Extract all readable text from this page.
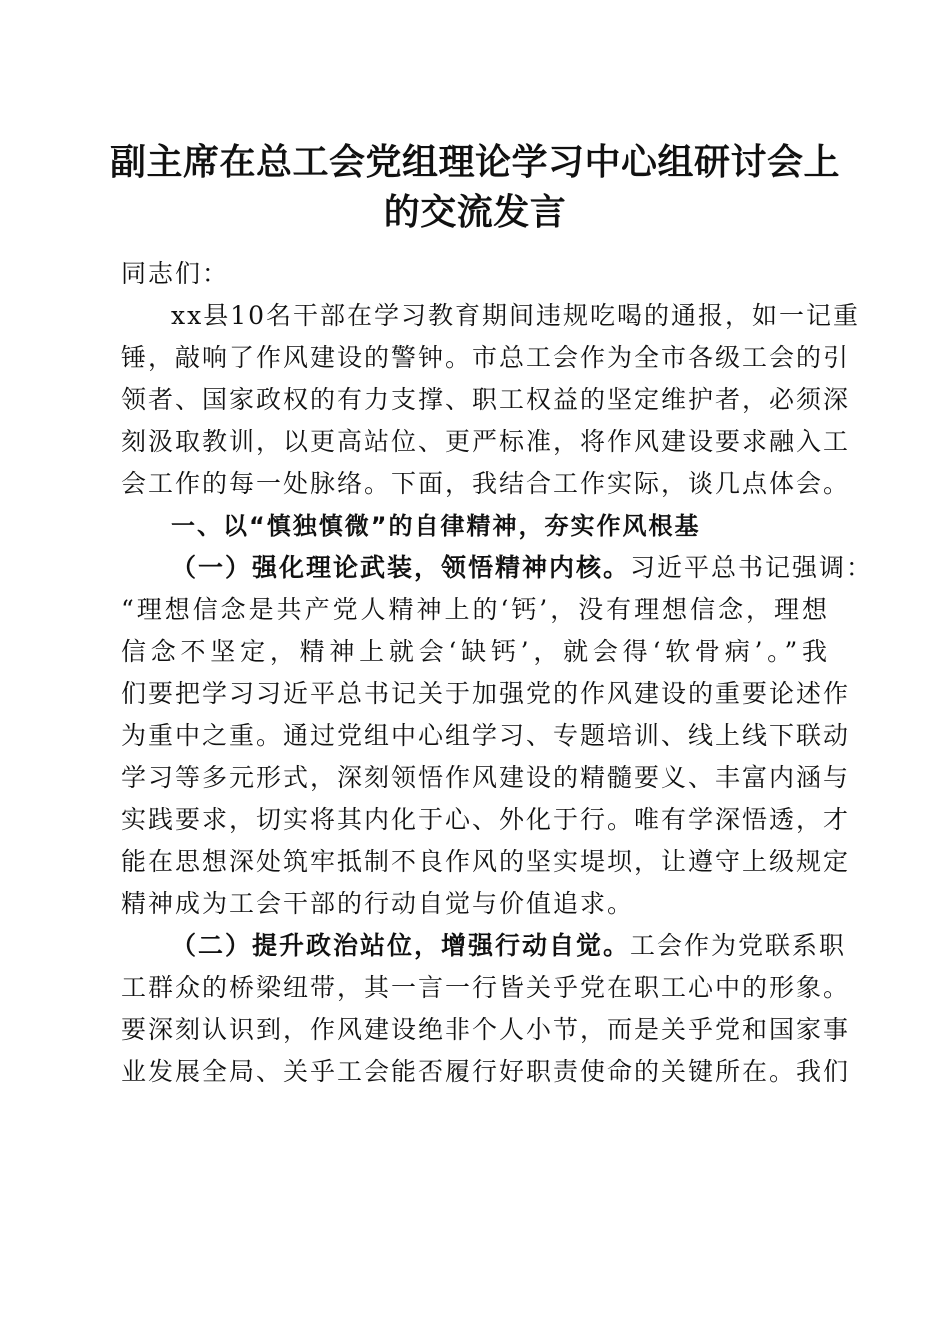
副主席在总工会党组理论学习中心组研讨会上
的交流发言
同志们：
xx县10名干部在学习教育期间违规吃喝的通报，如一记重
锤，敲响了作风建设的警钟。市总工会作为全市各级工会的引
领者、国家政权的有力支撑、职工权益的坚定维护者，必须深
刻汲取教训，以更高站位、更严标准，将作风建设要求融入工
会工作的每一处脉络。下面，我结合工作实际，谈几点体会。
一、以“慎独慎微”的自律精神，夯实作风根基
（一）强化理论武装，领悟精神内核。习近平总书记强调：
“理想信念是共产党人精神上的‘钙’，没有理想信念，理想
信念不坚定，精神上就会‘缺钙’，就会得‘软骨病’。”我
们要把学习习近平总书记关于加强党的作风建设的重要论述作
为重中之重。通过党组中心组学习、专题培训、线上线下联动
学习等多元形式，深刻领悟作风建设的精髓要义、丰富内涵与
实践要求，切实将其内化于心、外化于行。唯有学深悟透，才
能在思想深处筑牢抵制不良作风的坚实堤坝，让遵守上级规定
精神成为工会干部的行动自觉与价值追求。
（二）提升政治站位，增强行动自觉。工会作为党联系职
工群众的桥梁纽带，其一言一行皆关乎党在职工心中的形象。
要深刻认识到，作风建设绝非个人小节，而是关乎党和国家事
业发展全局、关乎工会能否履行好职责使命的关键所在。我们
